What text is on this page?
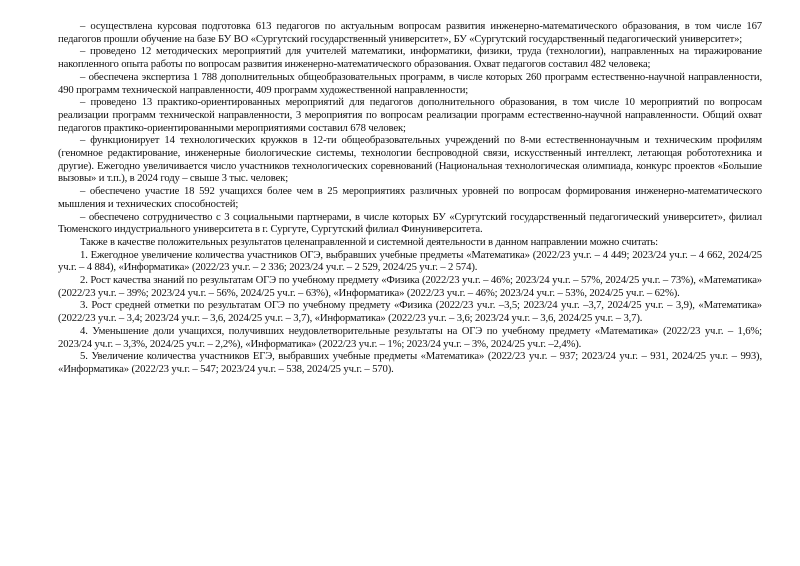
– осуществлена курсовая подготовка 613 педагогов по актуальным вопросам развития инженерно-математического образования, в том числе 167 педагогов прошли обучение на базе БУ ВО «Сургутский государственный университет», БУ «Сургутский государственный педагогический университет»;

– проведено 12 методических мероприятий для учителей математики, информатики, физики, труда (технологии), направленных на тиражирование накопленного опыта работы по вопросам развития инженерно-математического образования. Охват педагогов составил 482 человека;

– обеспечена экспертиза 1 788 дополнительных общеобразовательных программ, в числе которых 260 программ естественно-научной направленности, 490 программ технической направленности, 409 программ художественной направленности;

– проведено 13 практико-ориентированных мероприятий для педагогов дополнительного образования, в том числе 10 мероприятий по вопросам реализации программ технической направленности, 3 мероприятия по вопросам реализации программ естественно-научной направленности. Общий охват педагогов практико-ориентированными мероприятиями составил 678 человек;

– функционирует 14 технологических кружков в 12-ти общеобразовательных учреждений по 8-ми естественнонаучным и техническим профилям (геномное редактирование, инженерные биологические системы, технологии беспроводной связи, искусственный интеллект, летающая робототехника и другие). Ежегодно увеличивается число участников технологических соревнований (Национальная технологическая олимпиада, конкурс проектов «Большие вызовы» и т.п.), в 2024 году – свыше 3 тыс. человек;

– обеспечено участие 18 592 учащихся более чем в 25 мероприятиях различных уровней по вопросам формирования инженерно-математического мышления и технических способностей;

– обеспечено сотрудничество с 3 социальными партнерами, в числе которых БУ «Сургутский государственный педагогический университет», филиал Тюменского индустриального университета в г. Сургуте, Сургутский филиал Финуниверситета.

Также в качестве положительных результатов целенаправленной и системной деятельности в данном направлении можно считать:

1. Ежегодное увеличение количества участников ОГЭ, выбравших учебные предметы «Математика» (2022/23 уч.г. – 4 449; 2023/24 уч.г. – 4 662, 2024/25 уч.г. – 4 884), «Информатика» (2022/23 уч.г. – 2 336; 2023/24 уч.г. – 2 529, 2024/25 уч.г. – 2 574).

2. Рост качества знаний по результатам ОГЭ по учебному предмету «Физика (2022/23 уч.г. – 46%; 2023/24 уч.г. – 57%, 2024/25 уч.г. – 73%), «Математика» (2022/23 уч.г. – 39%; 2023/24 уч.г. – 56%, 2024/25 уч.г. – 63%), «Информатика» (2022/23 уч.г. – 46%; 2023/24 уч.г. – 53%, 2024/25 уч.г. – 62%).

3. Рост средней отметки по результатам ОГЭ по учебному предмету «Физика (2022/23 уч.г. –3,5; 2023/24 уч.г. –3,7, 2024/25 уч.г. – 3,9), «Математика» (2022/23 уч.г. – 3,4; 2023/24 уч.г. – 3,6, 2024/25 уч.г. – 3,7), «Информатика» (2022/23 уч.г. – 3,6; 2023/24 уч.г. – 3,6, 2024/25 уч.г. – 3,7).

4. Уменьшение доли учащихся, получивших неудовлетворительные результаты на ОГЭ по учебному предмету «Математика» (2022/23 уч.г. – 1,6%; 2023/24 уч.г. – 3,3%, 2024/25 уч.г. – 2,2%), «Информатика» (2022/23 уч.г. – 1%; 2023/24 уч.г. – 3%, 2024/25 уч.г. –2,4%).

5. Увеличение количества участников ЕГЭ, выбравших учебные предметы «Математика» (2022/23 уч.г. – 937; 2023/24 уч.г. – 931, 2024/25 уч.г. – 993), «Информатика» (2022/23 уч.г. – 547; 2023/24 уч.г. – 538, 2024/25 уч.г. – 570).
